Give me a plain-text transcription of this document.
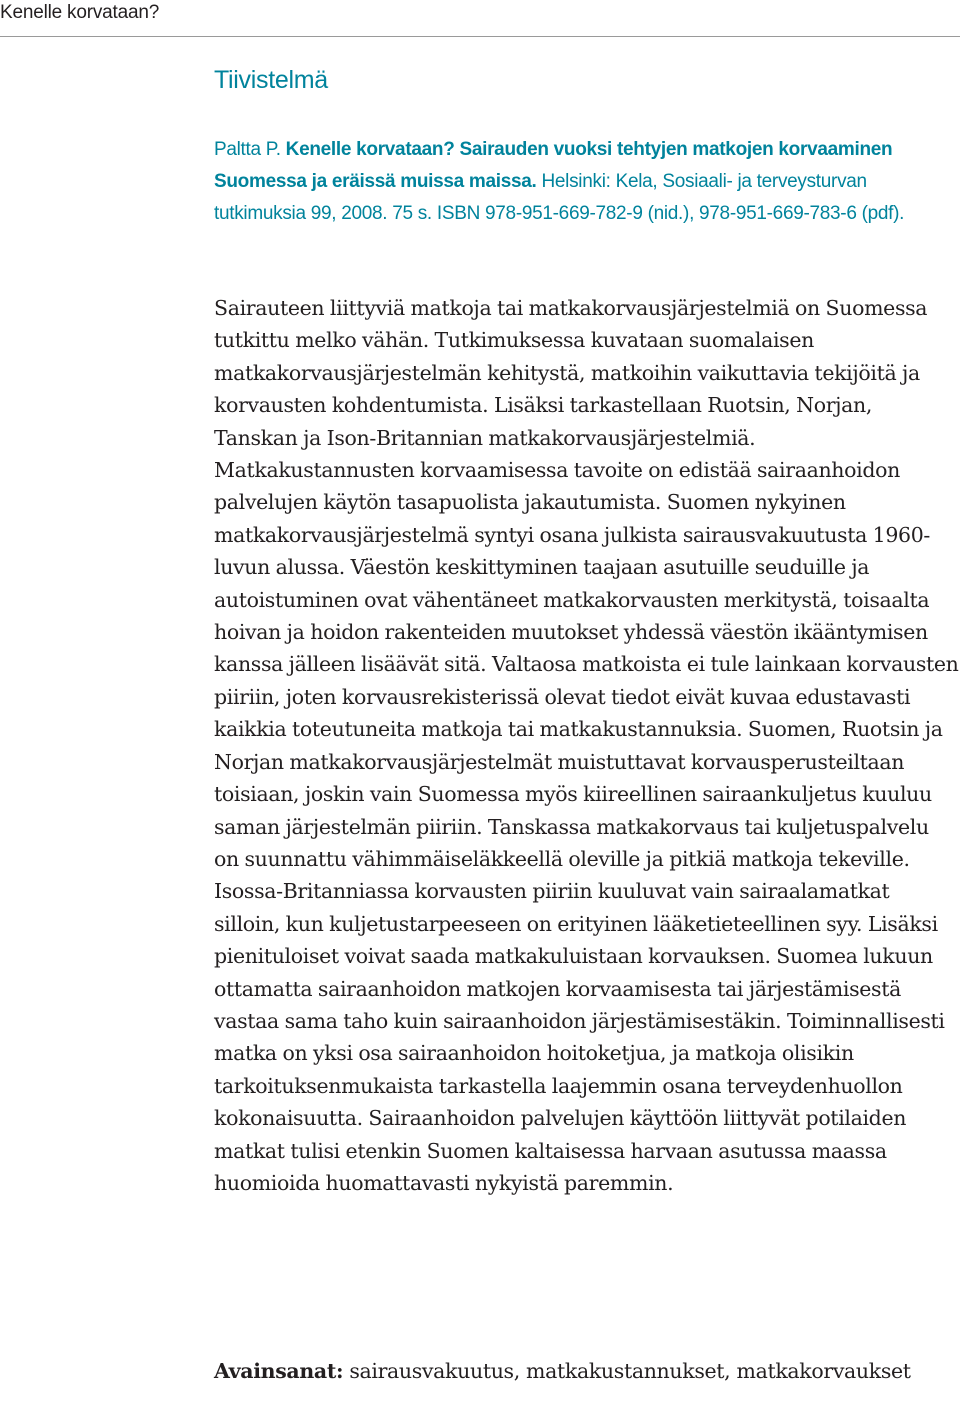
Kenelle korvataan?
Tiivistelmä

Paltta P. Kenelle korvataan? Sairauden vuoksi tehtyjen matkojen korvaaminen Suomessa ja eräissä muissa maissa. Helsinki: Kela, Sosiaali- ja terveysturvan tutkimuksia 99, 2008. 75 s. ISBN 978-951-669-782-9 (nid.), 978-951-669-783-6 (pdf).

Sairauteen liittyviä matkoja tai matkakorvausjärjestelmiä on Suomessa tutkittu melko vähän. Tutkimuksessa kuvataan suomalaisen matkakorvausjärjestelmän kehitystä, matkoihin vaikuttavia tekijöitä ja korvausten kohdentumista. Lisäksi tarkastellaan Ruotsin, Norjan, Tanskan ja Ison-Britannian matkakorvausjärjestelmiä. Matkakustannusten korvaamisessa tavoite on edistää sairaanhoidon palvelujen käytön tasapuolista jakautumista. Suomen nykyinen matkakorvausjärjestelmä syntyi osana julkista sairausvakuutusta 1960-luvun alussa. Väestön keskittyminen taajaan asutuille seuduille ja autoistuminen ovat vähentäneet matkakorvausten merkitystä, toisaalta hoivan ja hoidon rakenteiden muutokset yhdessä väestön ikääntymisen kanssa jälleen lisäävät sitä. Valtaosa matkoista ei tule lainkaan korvausten piiriin, joten korvausrekisterissä olevat tiedot eivät kuvaa edustavasti kaikkia toteutuneita matkoja tai matkakustannuksia. Suomen, Ruotsin ja Norjan matkakorvausjärjestelmät muistuttavat korvausperusteiltaan toisiaan, joskin vain Suomessa myös kiireellinen sairaankuljetus kuuluu saman järjestelmän piiriin. Tanskassa matkakorvaus tai kuljetuspalvelu on suunnattu vähimmäiseläkkeellä oleville ja pitkiä matkoja tekeville. Isossa-Britanniassa korvausten piiriin kuuluvat vain sairaalamatkat silloin, kun kuljetustarpeeseen on erityinen lääketieteellinen syy. Lisäksi pienituloiset voivat saada matkakuluistaan korvauksen. Suomea lukuun ottamatta sairaanhoidon matkojen korvaamisesta tai järjestämisestä vastaa sama taho kuin sairaanhoidon järjestämisestäkin. Toiminnallisesti matka on yksi osa sairaanhoidon hoitoketjua, ja matkoja olisikin tarkoituksenmukaista tarkastella laajemmin osana terveydenhuollon kokonaisuutta. Sairaanhoidon palvelujen käyttöön liittyvät potilaiden matkat tulisi etenkin Suomen kaltaisessa harvaan asutussa maassa huomioida huomattavasti nykyistä paremmin.

Avainsanat: sairausvakuutus, matkakustannukset, matkakorvaukset
